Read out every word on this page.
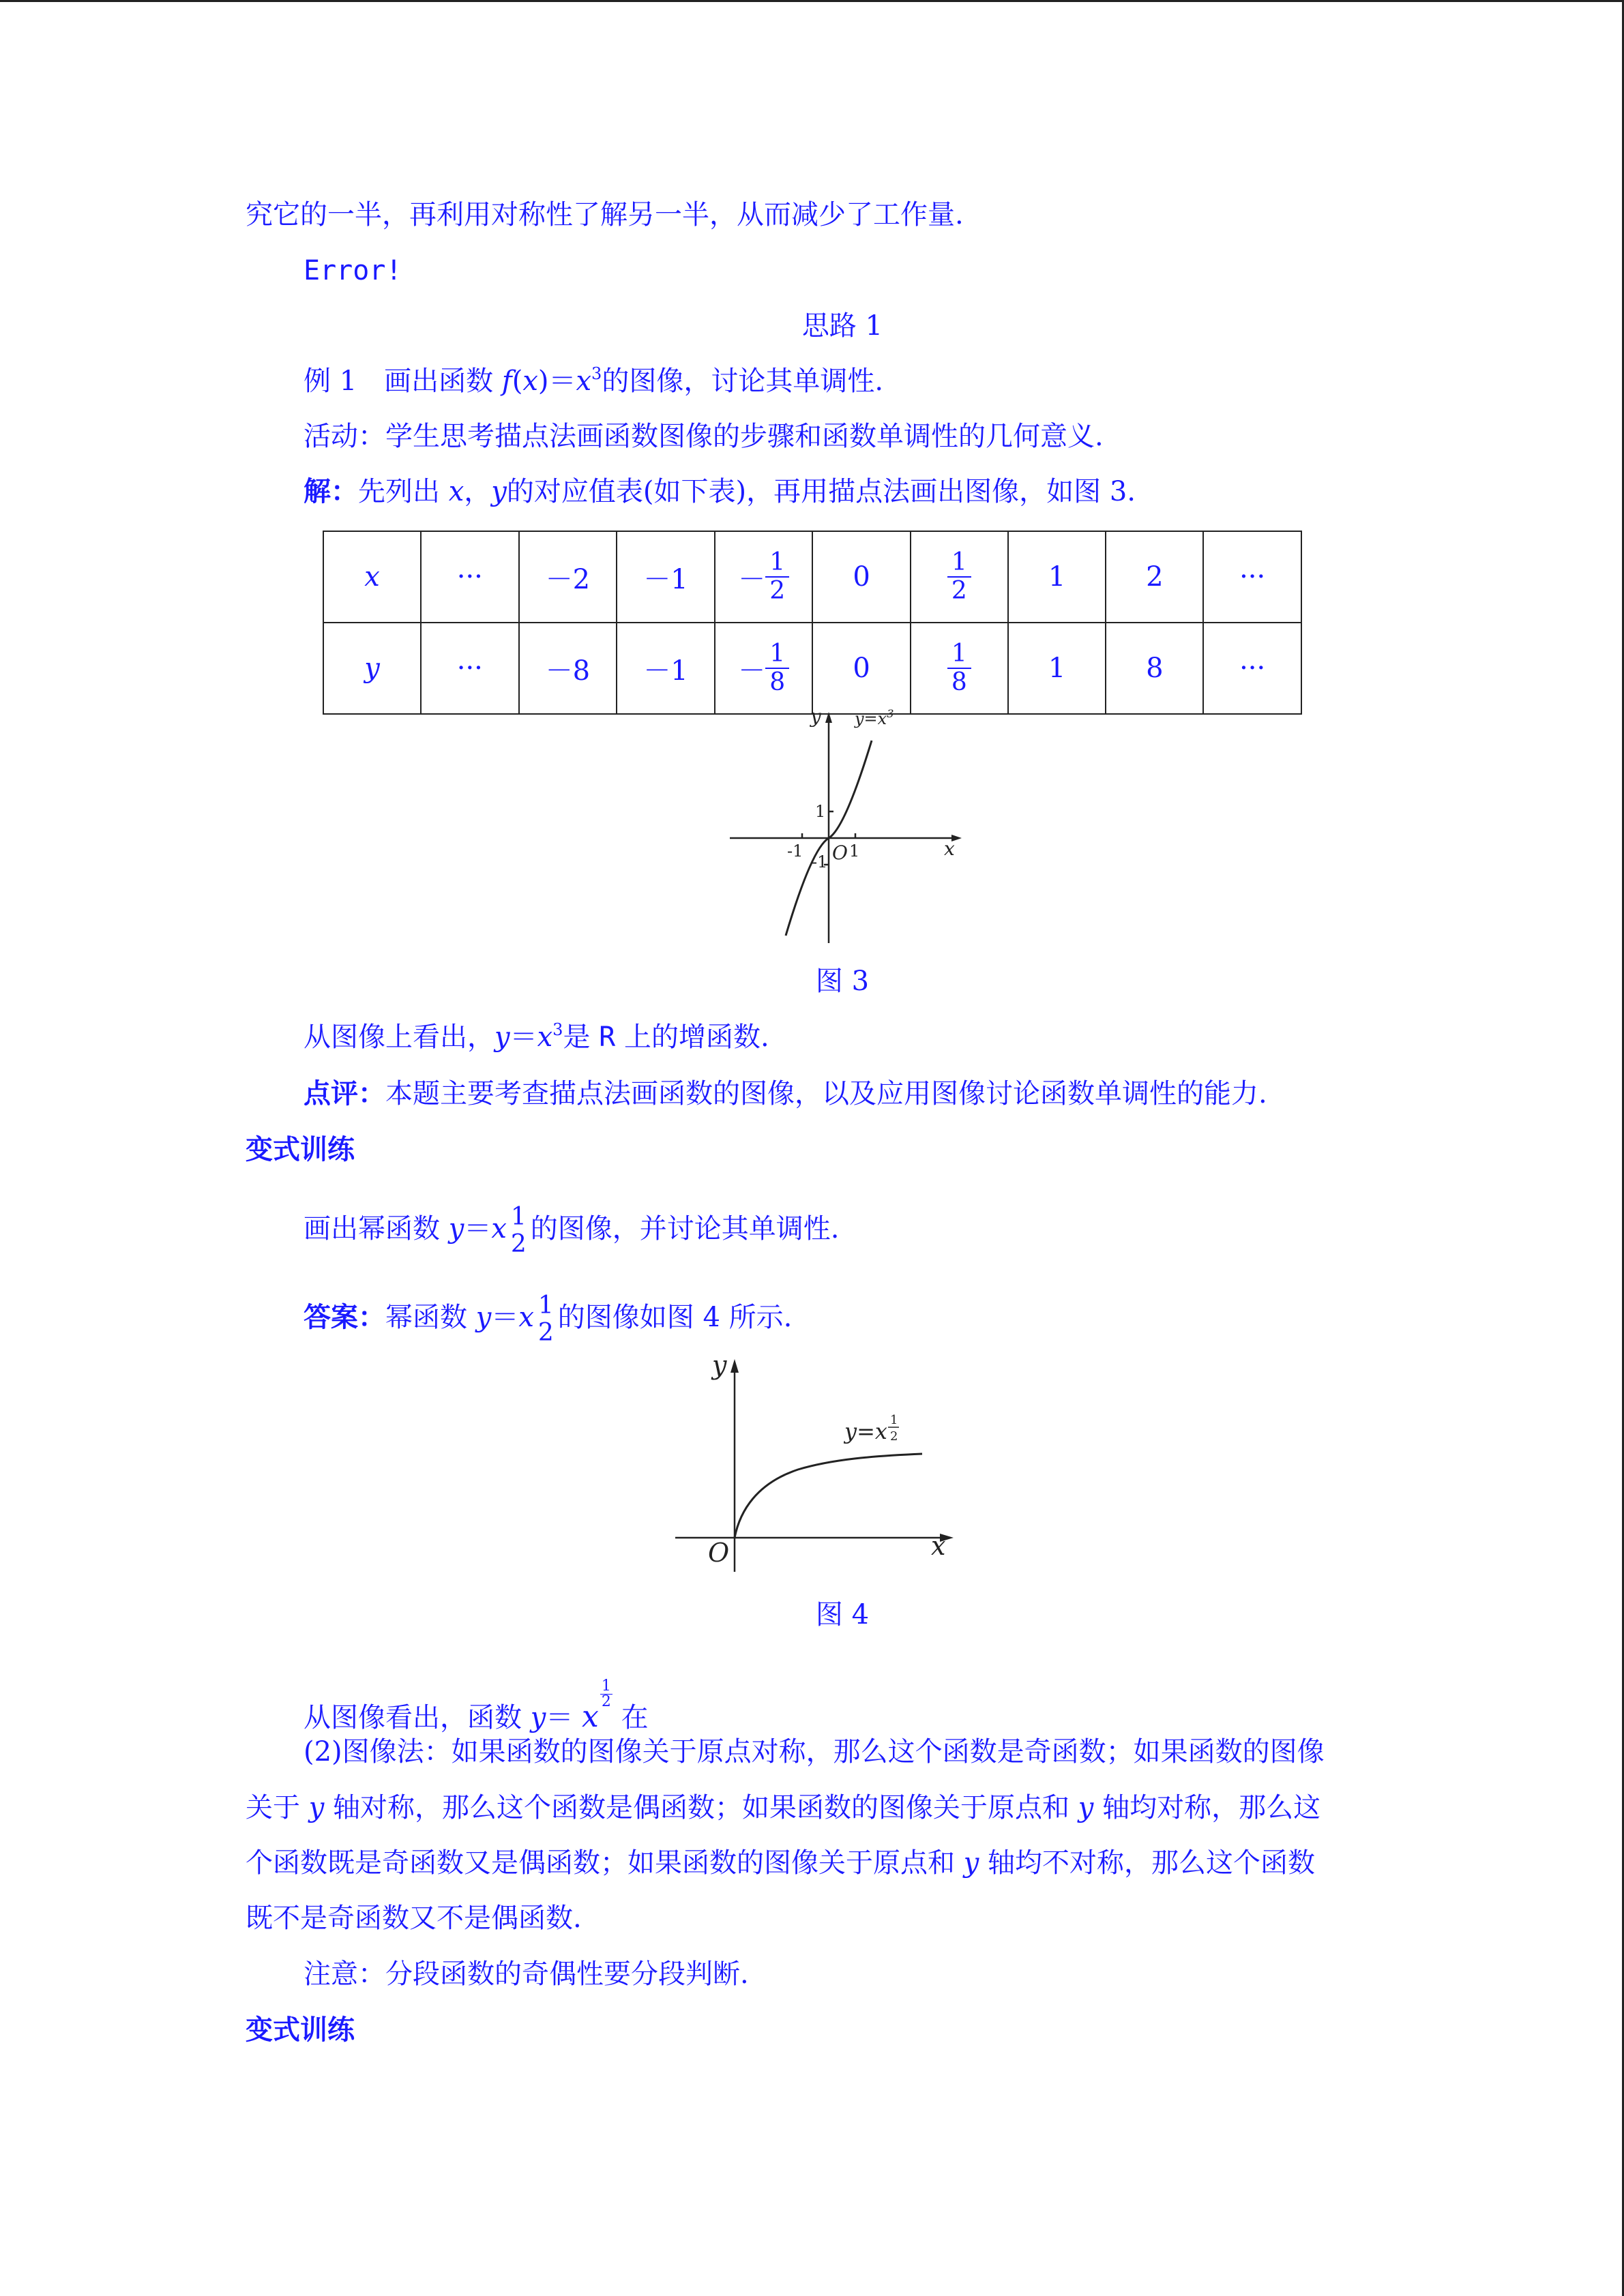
究它的一半，再利用对称性了解另一半，从而减少了工作量.
Error!
思路 1
例 1　画出函数 $f(x)=x^3$的图像，讨论其单调性.
活动：学生思考描点法画函数图像的步骤和函数单调性的几何意义.
解：先列出 x，y的对应值表(如下表)，再用描点法画出图像，如图 3.
x	···	－2	－1	－ $\frac{1}{2}$	0	$\frac{1}{2}$	1	2	···
y	···	－8	－1	－ $\frac{1}{8}$	0	$\frac{1}{8}$	1	8	···
y
x
O
$y=x^3$
1
-1
-1
1
图 3
从图像上看出，$y=x^3$是 R 上的增函数.
点评：本题主要考查描点法画函数的图像，以及应用图像讨论函数单调性的能力.
变式训练
画出幂函数 y＝x 1
2 的图像，并讨论其单调性.
答案：幂函数 y＝x 1
2 的图像如图 4 所示.
y
x
O
y=x 1
2
图 4
从图像看出，函数 y＝ x
$\frac{1}{2}$
在
(2)图像法：如果函数的图像关于原点对称，那么这个函数是奇函数；如果函数的图像
关于 y 轴对称，那么这个函数是偶函数；如果函数的图像关于原点和 y 轴均对称，那么这
个函数既是奇函数又是偶函数；如果函数的图像关于原点和 y 轴均不对称，那么这个函数
既不是奇函数又不是偶函数.
注意：分段函数的奇偶性要分段判断.
变式训练
